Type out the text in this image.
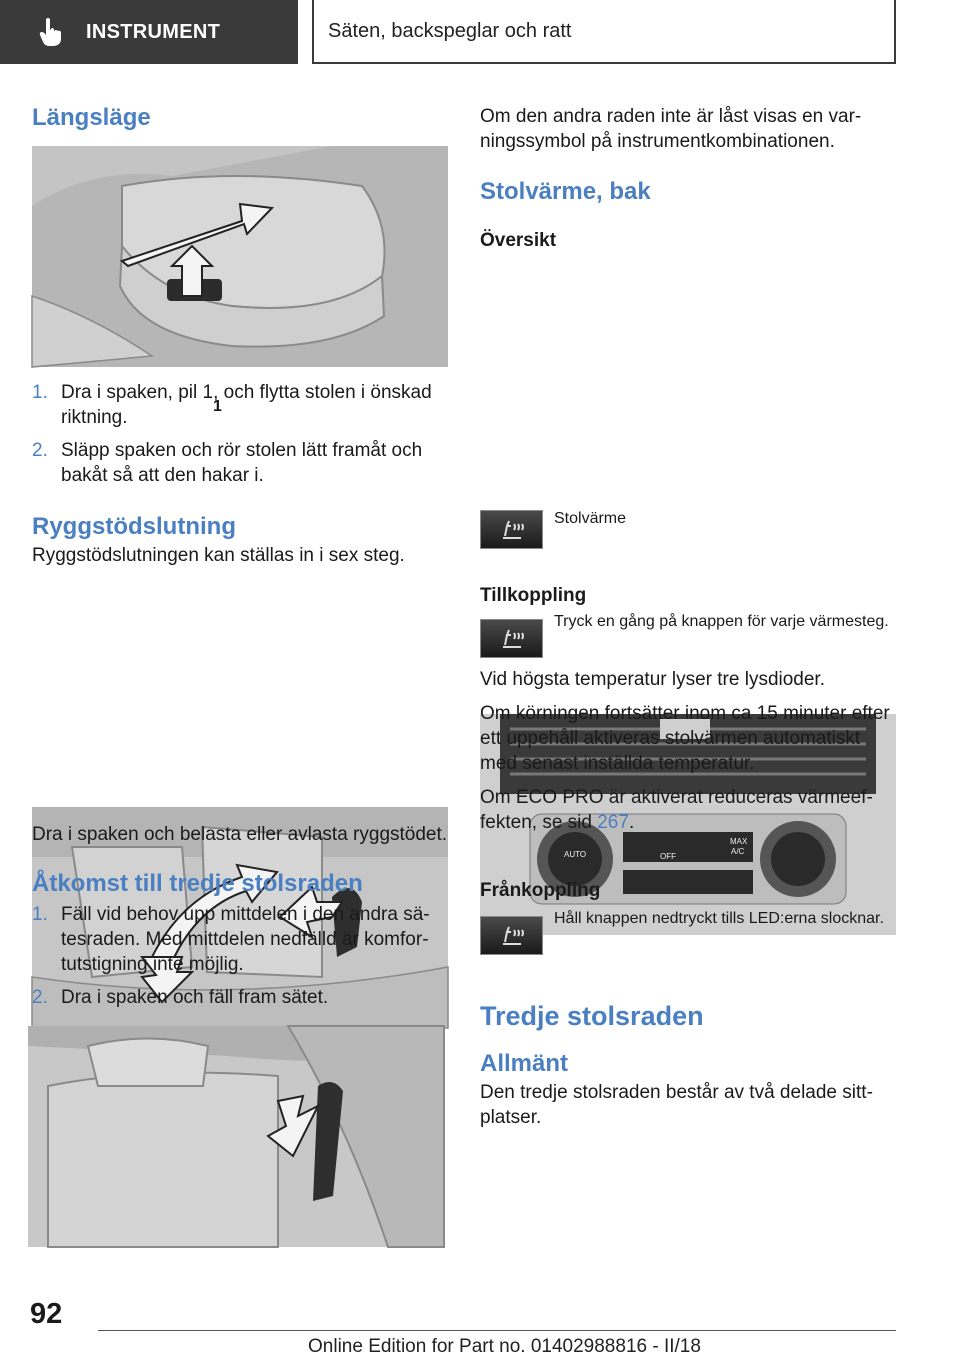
INSTRUMENT	Säten, backspeglar och ratt
Längsläge
1
1. Dra i spaken, pil 1, och flytta stolen i önskad riktning.
2. Släpp spaken och rör stolen lätt framåt och bakåt så att den hakar i.
Ryggstödslutning

Ryggstödslutningen kan ställas in i sex steg.

Dra i spaken och belasta eller avlasta ryggstödet.

Åtkomst till tredje stolsraden
1. Fäll vid behov upp mittdelen i den andra sätesraden. Med mittdelen nedfälld är komfortutstigning inte möjlig.
2. Dra i spaken och fäll fram sätet.

Om den andra raden inte är låst visas en varningssymbol på instrumentkombinationen.

Stolvärme, bak
Översikt
AUTO	OFF
MAX
A/C
Stolvärme
Tillkoppling
Tryck en gång på knappen för varje värmesteg.

Vid högsta temperatur lyser tre lysdioder.

Om körningen fortsätter inom ca 15 minuter efter ett uppehåll aktiveras stolvärmen automatiskt med senast inställda temperatur.

Om ECO PRO är aktiverat reduceras värmeeffekten, se sid 267.

Frånkoppling
Håll knappen nedtryckt tills LED:erna slocknar.
Tredje stolsraden
Allmänt

Den tredje stolsraden består av två delade sittplatser.

92
Online Edition for Part no. 01402988816 - II/18
